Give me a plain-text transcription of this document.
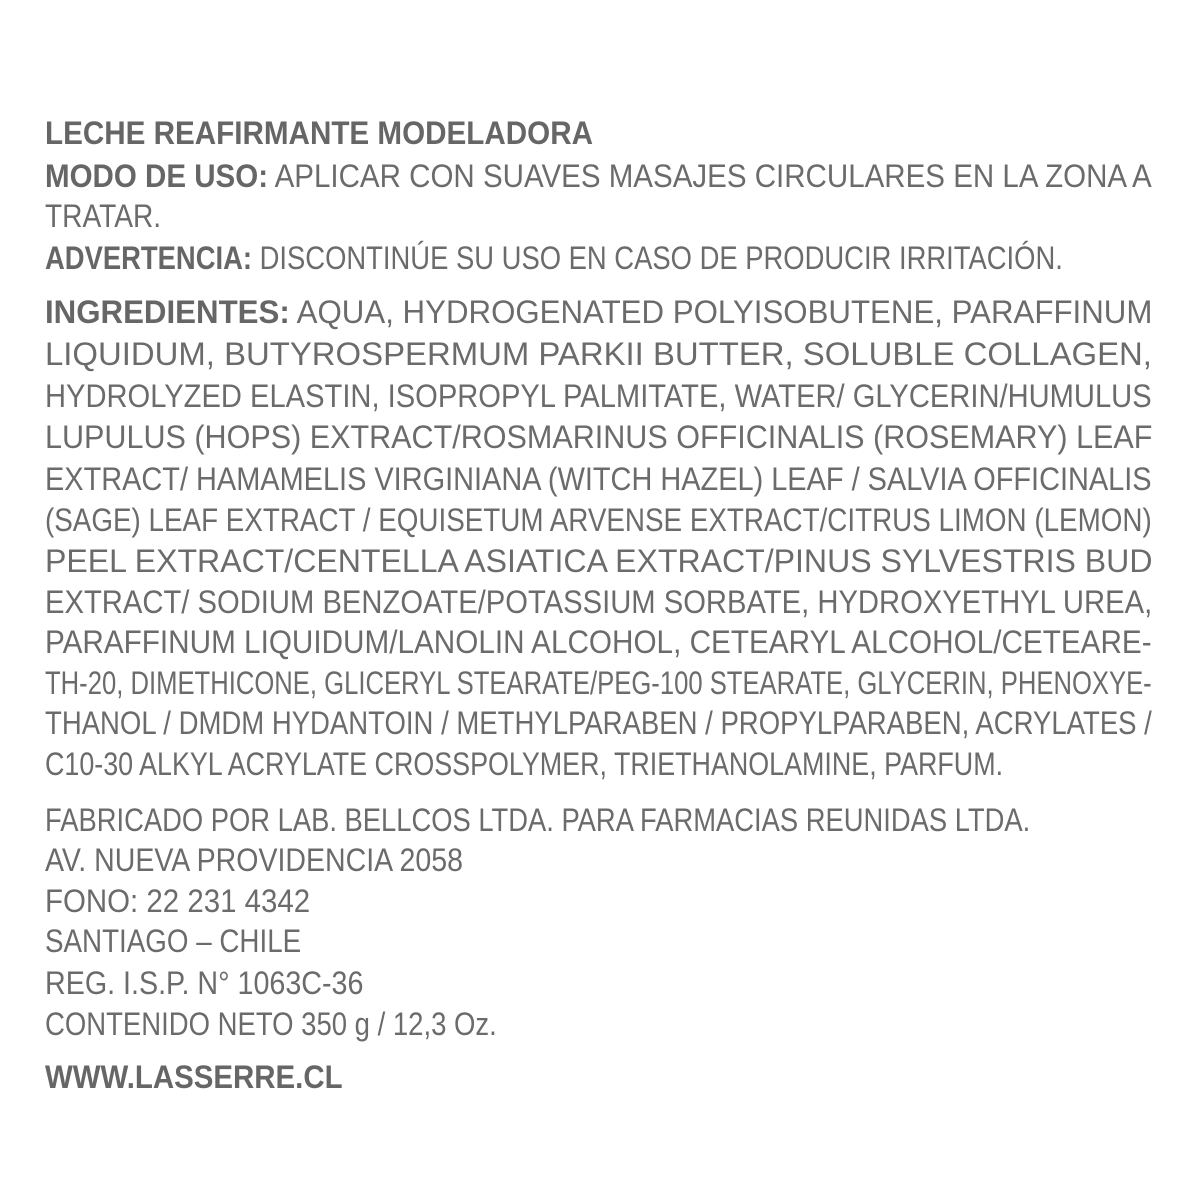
LECHE REAFIRMANTE MODELADORA
MODO DE USO: APLICAR CON SUAVES MASAJES CIRCULARES EN LA ZONA A
TRATAR.
ADVERTENCIA: DISCONTINÚE SU USO EN CASO DE PRODUCIR IRRITACIÓN.
INGREDIENTES: AQUA, HYDROGENATED POLYISOBUTENE, PARAFFINUM
LIQUIDUM, BUTYROSPERMUM PARKII BUTTER, SOLUBLE COLLAGEN,
HYDROLYZED ELASTIN, ISOPROPYL PALMITATE, WATER/ GLYCERIN/HUMULUS
LUPULUS (HOPS) EXTRACT/ROSMARINUS OFFICINALIS (ROSEMARY) LEAF
EXTRACT/ HAMAMELIS VIRGINIANA (WITCH HAZEL) LEAF / SALVIA OFFICINALIS
(SAGE) LEAF EXTRACT / EQUISETUM ARVENSE EXTRACT/CITRUS LIMON (LEMON)
PEEL EXTRACT/CENTELLA ASIATICA EXTRACT/PINUS SYLVESTRIS BUD
EXTRACT/ SODIUM BENZOATE/POTASSIUM SORBATE, HYDROXYETHYL UREA,
PARAFFINUM LIQUIDUM/LANOLIN ALCOHOL, CETEARYL ALCOHOL/CETEARE-
TH-20, DIMETHICONE, GLICERYL STEARATE/PEG-100 STEARATE, GLYCERIN, PHENOXYE-
THANOL / DMDM HYDANTOIN / METHYLPARABEN / PROPYLPARABEN, ACRYLATES /
C10-30 ALKYL ACRYLATE CROSSPOLYMER, TRIETHANOLAMINE, PARFUM.
FABRICADO POR LAB. BELLCOS LTDA. PARA FARMACIAS REUNIDAS LTDA.
AV. NUEVA PROVIDENCIA 2058
FONO: 22 231 4342
SANTIAGO – CHILE
REG. I.S.P. N° 1063C-36
CONTENIDO NETO 350 g / 12,3 Oz.
WWW.LASSERRE.CL
